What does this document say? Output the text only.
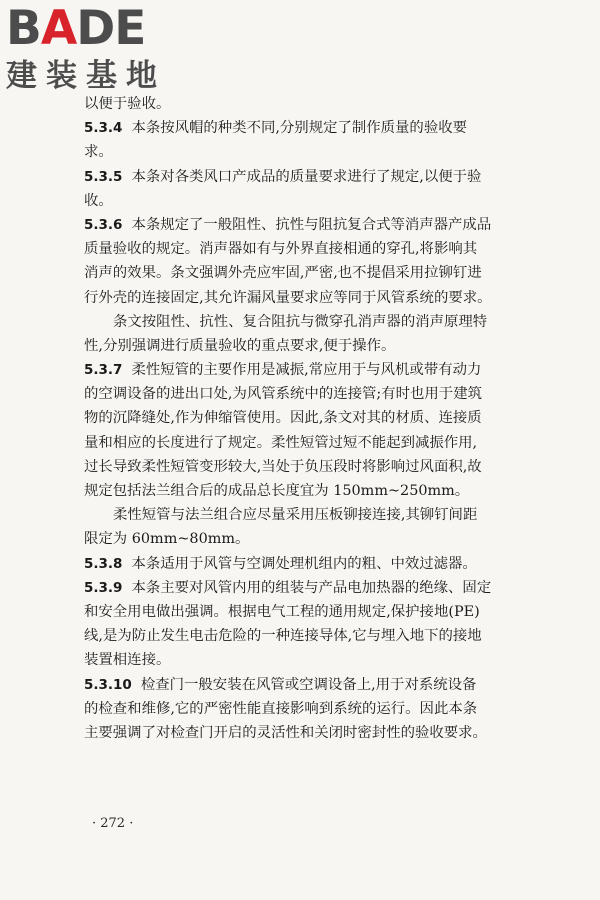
BADE
建装基地
以便于验收。
5.3.4 本条按风帽的种类不同,分别规定了制作质量的验收要
求。
5.3.5 本条对各类风口产成品的质量要求进行了规定,以便于验
收。
5.3.6 本条规定了一般阻性、抗性与阻抗复合式等消声器产成品
质量验收的规定。消声器如有与外界直接相通的穿孔,将影响其
消声的效果。条文强调外壳应牢固,严密,也不提倡采用拉铆钉进
行外壳的连接固定,其允许漏风量要求应等同于风管系统的要求。
条文按阻性、抗性、复合阻抗与微穿孔消声器的消声原理特
性,分别强调进行质量验收的重点要求,便于操作。
5.3.7 柔性短管的主要作用是减振,常应用于与风机或带有动力
的空调设备的进出口处,为风管系统中的连接管;有时也用于建筑
物的沉降缝处,作为伸缩管使用。因此,条文对其的材质、连接质
量和相应的长度进行了规定。柔性短管过短不能起到减振作用,
过长导致柔性短管变形较大,当处于负压段时将影响过风面积,故
规定包括法兰组合后的成品总长度宜为 150mm~250mm。
柔性短管与法兰组合应尽量采用压板铆接连接,其铆钉间距
限定为 60mm~80mm。
5.3.8 本条适用于风管与空调处理机组内的粗、中效过滤器。
5.3.9 本条主要对风管内用的组装与产品电加热器的绝缘、固定
和安全用电做出强调。根据电气工程的通用规定,保护接地(PE)
线,是为防止发生电击危险的一种连接导体,它与埋入地下的接地
装置相连接。
5.3.10 检查门一般安装在风管或空调设备上,用于对系统设备
的检查和维修,它的严密性能直接影响到系统的运行。因此本条
主要强调了对检查门开启的灵活性和关闭时密封性的验收要求。
· 272 ·
